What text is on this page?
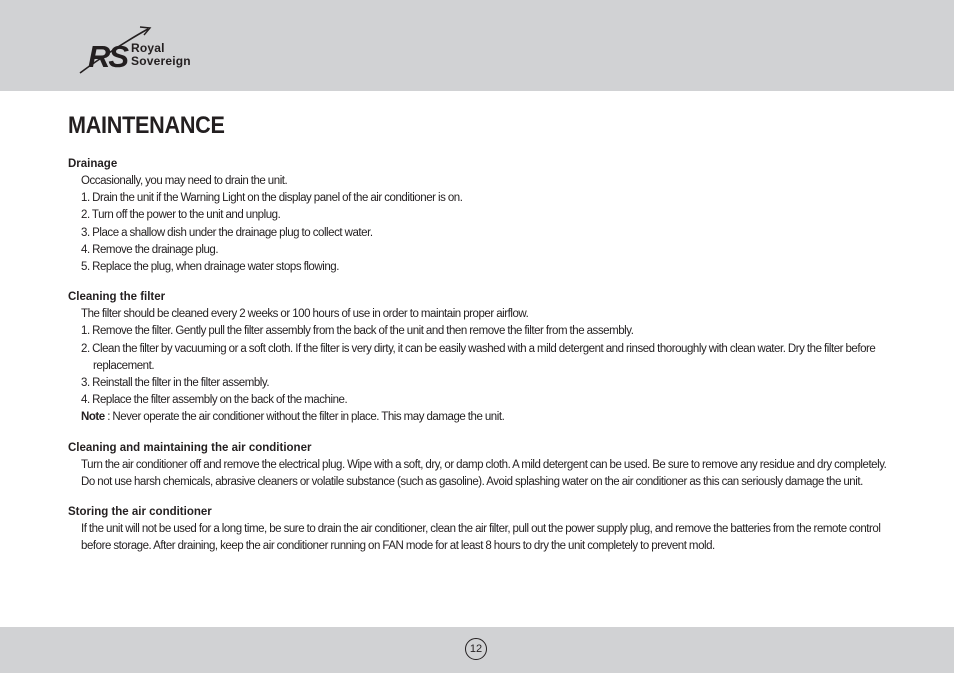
RS Royal
Sovereign
MAINTENANCE
Drainage
Occasionally, you may need to drain the unit.
1. Drain the unit if the Warning Light on the display panel of the air conditioner is on.
2. Turn off the power to the unit and unplug.
3. Place a shallow dish under the drainage plug to collect water.
4. Remove the drainage plug.
5. Replace the plug, when drainage water stops flowing.
Cleaning the filter
The filter should be cleaned every 2 weeks or 100 hours of use in order to maintain proper airflow.
1. Remove the filter. Gently pull the filter assembly from the back of the unit and then remove the filter from the assembly.
2. Clean the filter by vacuuming or a soft cloth. If the filter is very dirty, it can be easily washed with a mild detergent and rinsed thoroughly with clean water. Dry the filter before replacement.
3. Reinstall the filter in the filter assembly.
4. Replace the filter assembly on the back of the machine.
Note : Never operate the air conditioner without the filter in place. This may damage the unit.
Cleaning and maintaining the air conditioner
Turn the air conditioner off and remove the electrical plug. Wipe with a soft, dry, or damp cloth. A mild detergent can be used. Be sure to remove any residue and dry completely. Do not use harsh chemicals, abrasive cleaners or volatile substance (such as gasoline). Avoid splashing water on the air conditioner as this can seriously damage the unit.
Storing the air conditioner
If the unit will not be used for a long time, be sure to drain the air conditioner, clean the air filter, pull out the power supply plug, and remove the batteries from the remote control before storage. After draining, keep the air conditioner running on FAN mode for at least 8 hours to dry the unit completely to prevent mold.
12
